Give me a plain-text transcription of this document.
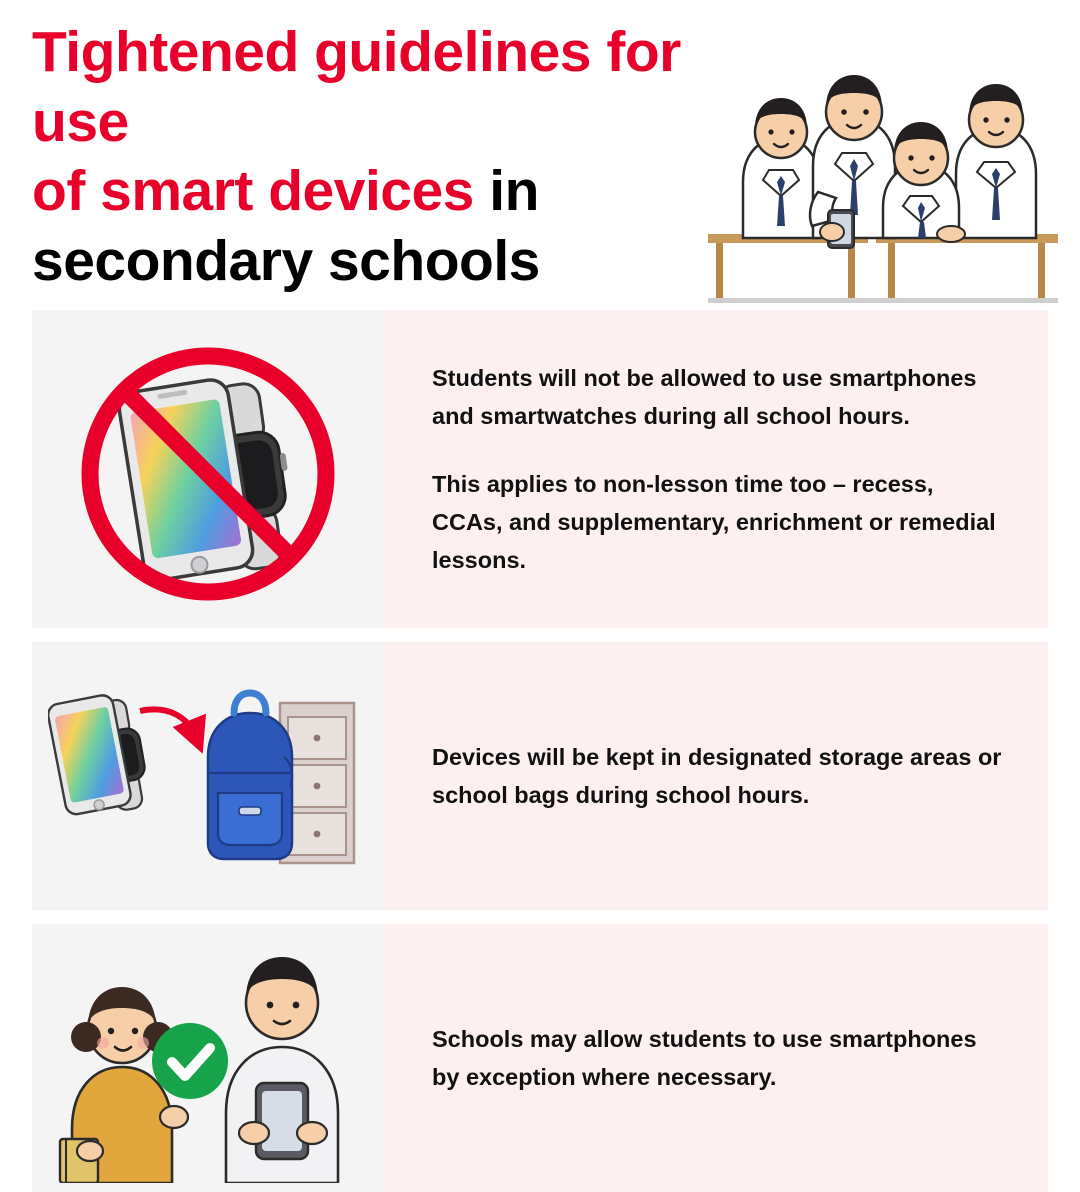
Tightened guidelines for use
of smart devices in
secondary schools

Students will not be allowed to use smartphones and smartwatches during all school hours.

This applies to non-lesson time too – recess, CCAs, and supplementary, enrichment or remedial lessons.

Devices will be kept in designated storage areas or school bags during school hours.

Schools may allow students to use smartphones by exception where necessary.
